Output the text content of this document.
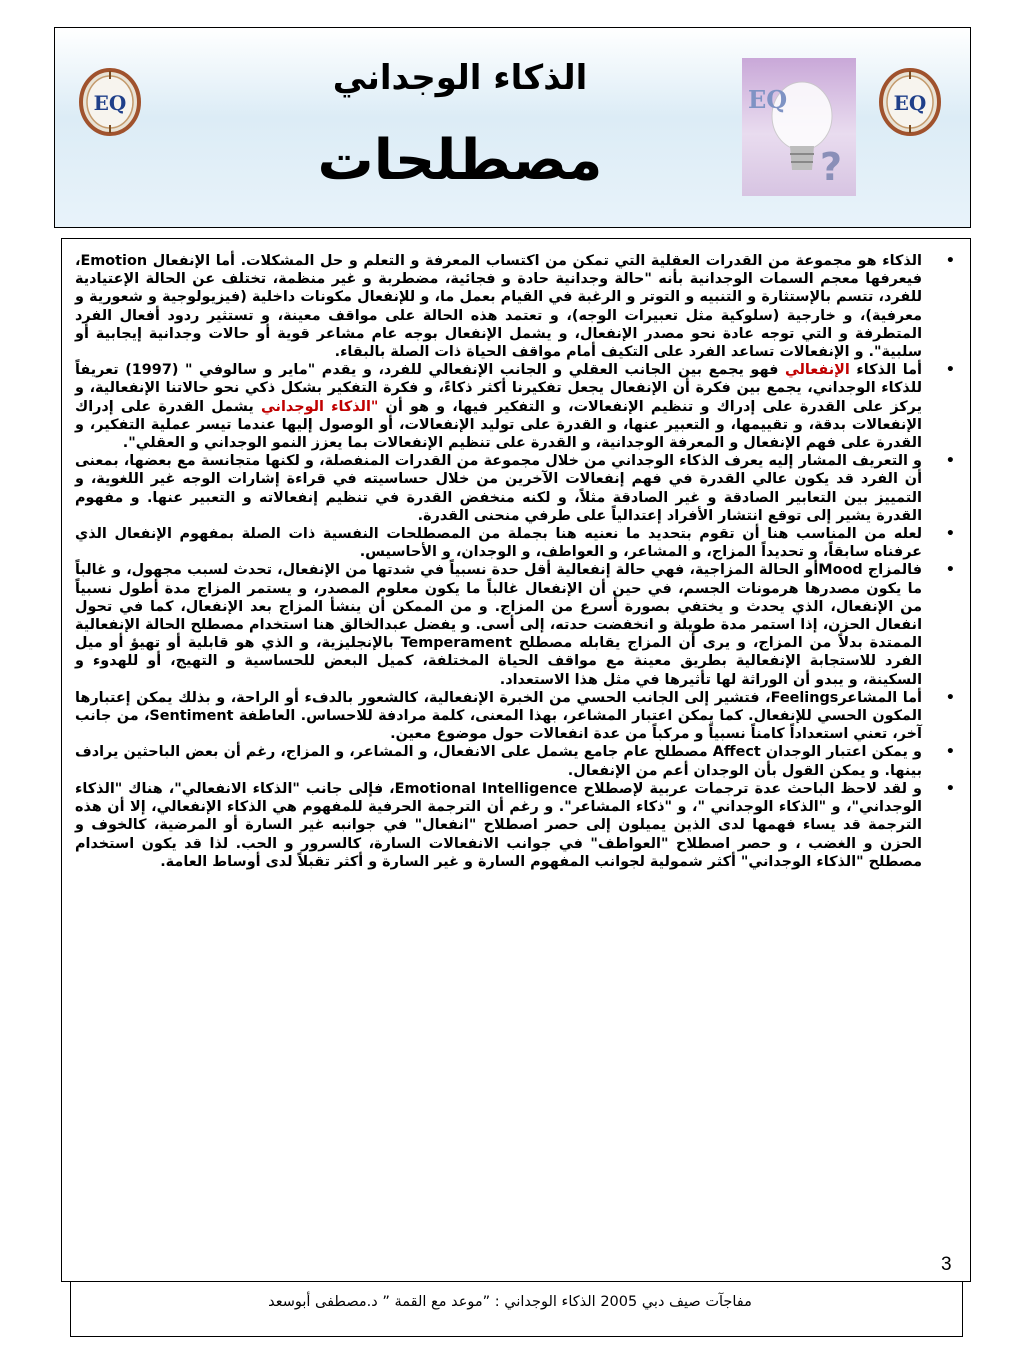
EQ	EQ
EQ
?
الذكاء الوجداني
مصطلحات
•
الذكاء هو مجموعة من القدرات العقلية التي تمكن من اكتساب المعرفة و التعلم و حل المشكلات. أما الإنفعال Emotion، فيعرفها معجم السمات الوجدانية بأنه "حالة وجدانية حادة و فجائية، مضطربة و غير منظمة، تختلف عن الحالة الإعتيادية للفرد، تتسم بالإستثارة و التنبيه و التوتر و الرغبة في القيام بعمل ما، و للإنفعال مكونات داخلية (فيزيولوجية و شعورية و معرفية)، و خارجية (سلوكية مثل تعبيرات الوجه)، و تعتمد هذه الحالة على مواقف معينة، و تستثير ردود أفعال الفرد المتطرفة و التي توجه عادة نحو مصدر الإنفعال، و يشمل الإنفعال بوجه عام مشاعر قوية أو حالات وجدانية إيجابية أو سلبية". و الإنفعالات تساعد الفرد على التكيف أمام مواقف الحياة ذات الصلة بالبقاء.
•
أما الذكاء الإنفعالي فهو يجمع بين الجانب العقلي و الجانب الإنفعالي للفرد، و يقدم "ماير و سالوفي " (1997) تعريفاً للذكاء الوجداني، يجمع بين فكرة أن الإنفعال يجعل تفكيرنا أكثر ذكاءً، و فكرة التفكير بشكل ذكي نحو حالاتنا الإنفعالية، و يركز على القدرة على إدراك و تنظيم الإنفعالات، و التفكير فيها، و هو أن "الذكاء الوجداني يشمل القدرة على إدراك الإنفعالات بدقة، و تقييمها، و التعبير عنها، و القدرة على توليد الإنفعالات، أو الوصول إليها عندما تيسر عملية التفكير، و القدرة على فهم الإنفعال و المعرفة الوجدانية، و القدرة على تنظيم الإنفعالات بما يعزز النمو الوجداني و العقلي".
•
و التعريف المشار إليه يعرف الذكاء الوجداني من خلال مجموعة من القدرات المنفصلة، و لكنها متجانسة مع بعضها، بمعنى أن الفرد قد يكون عالي القدرة في فهم إنفعالات الآخرين من خلال حساسيته في قراءة إشارات الوجه غير اللغوية، و التمييز بين التعابير الصادقة و غير الصادقة مثلاً، و لكنه منخفض القدرة في تنظيم إنفعالاته و التعبير عنها. و مفهوم القدرة يشير إلى توقع انتشار الأفراد إعتدالياً على طرفي منحنى القدرة.
•
لعله من المناسب هنا أن تقوم بتحديد ما نعنيه هنا بجملة من المصطلحات النفسية ذات الصلة بمفهوم الإنفعال الذي عرفناه سابقاً، و تحديداً المزاج، و المشاعر، و العواطف، و الوجدان، و الأحاسيس.
•
فالمزاج Moodأو الحالة المزاجية، فهي حالة إنفعالية أقل حدة نسبياً في شدتها من الإنفعال، تحدث لسبب مجهول، و غالباً ما يكون مصدرها هرمونات الجسم، في حين أن الإنفعال غالباً ما يكون معلوم المصدر، و يستمر المزاج مدة أطول نسبياً من الإنفعال، الذي يحدث و يختفي بصورة أسرع من المزاج. و من الممكن أن ينشأ المزاج بعد الإنفعال، كما في تحول انفعال الحزن، إذا استمر مدة طويلة و انخفضت حدته، إلى أسى. و يفضل عبدالخالق هنا استخدام مصطلح الحالة الإنفعالية الممتدة بدلاً من المزاج، و يرى أن المزاج يقابله مصطلح Temperament بالإنجليزية، و الذي هو قابلية أو تهيؤ أو ميل الفرد للاستجابة الإنفعالية بطريق معينة مع مواقف الحياة المختلفة، كميل البعض للحساسية و التهيج، أو للهدوء و السكينة، و يبدو أن الوراثة لها تأثيرها في مثل هذا الاستعداد.
•
أما المشاعرFeelings، فتشير إلى الجانب الحسي من الخبرة الإنفعالية، كالشعور بالدفء أو الراحة، و بذلك يمكن إعتبارها المكون الحسي للإنفعال. كما يمكن اعتبار المشاعر، بهذا المعنى، كلمة مرادفة للاحساس. العاطفة Sentiment، من جانب آخر، تعني استعداداً كامناً نسبياً و مركباً من عدة انفعالات حول موضوع معين.
•
و يمكن اعتبار الوجدان Affect مصطلح عام جامع يشمل على الانفعال، و المشاعر، و المزاج، رغم أن بعض الباحثين يرادف بينها. و يمكن القول بأن الوجدان أعم من الإنفعال.
•
و لقد لاحظ الباحث عدة ترجمات عربية لإصطلاح Emotional Intelligence، فإلى جانب "الذكاء الانفعالي"، هناك "الذكاء الوجداني"، و "الذكاء الوجداني "، و "ذكاء المشاعر". و رغم أن الترجمة الحرفية للمفهوم هي الذكاء الإنفعالي، إلا أن هذه الترجمة قد يساء فهمها لدى الذين يميلون إلى حصر اصطلاح "انفعال" في جوانبه غير السارة أو المرضية، كالخوف و الحزن و الغضب ، و حصر اصطلاح "العواطف" في جوانب الانفعالات السارة، كالسرور و الحب. لذا قد يكون استخدام مصطلح "الذكاء الوجداني" أكثر شمولية لجوانب المفهوم السارة و غير السارة و أكثر تقبلاً لدى أوساط العامة.
3
مفاجآت صيف دبي 2005 الذكاء الوجداني : ”موعد مع القمة ” د.مصطفى أبوسعد
